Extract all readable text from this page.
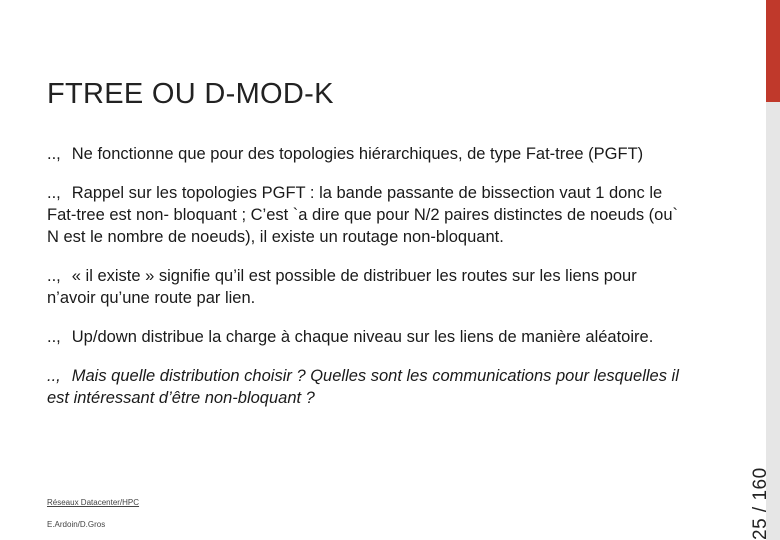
FTREE OU D-MOD-K
.., Ne fonctionne que pour des topologies hiérarchiques, de type Fat-tree (PGFT)
.., Rappel sur les topologies PGFT : la bande passante de bissection vaut 1 donc le Fat-tree est non- bloquant ; C’est `a dire que pour N/2 paires distinctes de noeuds (ou` N est le nombre de noeuds), il existe un routage non-bloquant.
.., « il existe » signifie qu’il est possible de distribuer les routes sur les liens pour n’avoir qu’une route par lien.
.., Up/down distribue la charge à chaque niveau sur les liens de manière aléatoire.
.., Mais quelle distribution choisir ? Quelles sont les communications pour lesquelles il est intéressant d’être non-bloquant ?
Réseaux Datacenter/HPC
E.Ardoin/D.Gros	25 / 160
